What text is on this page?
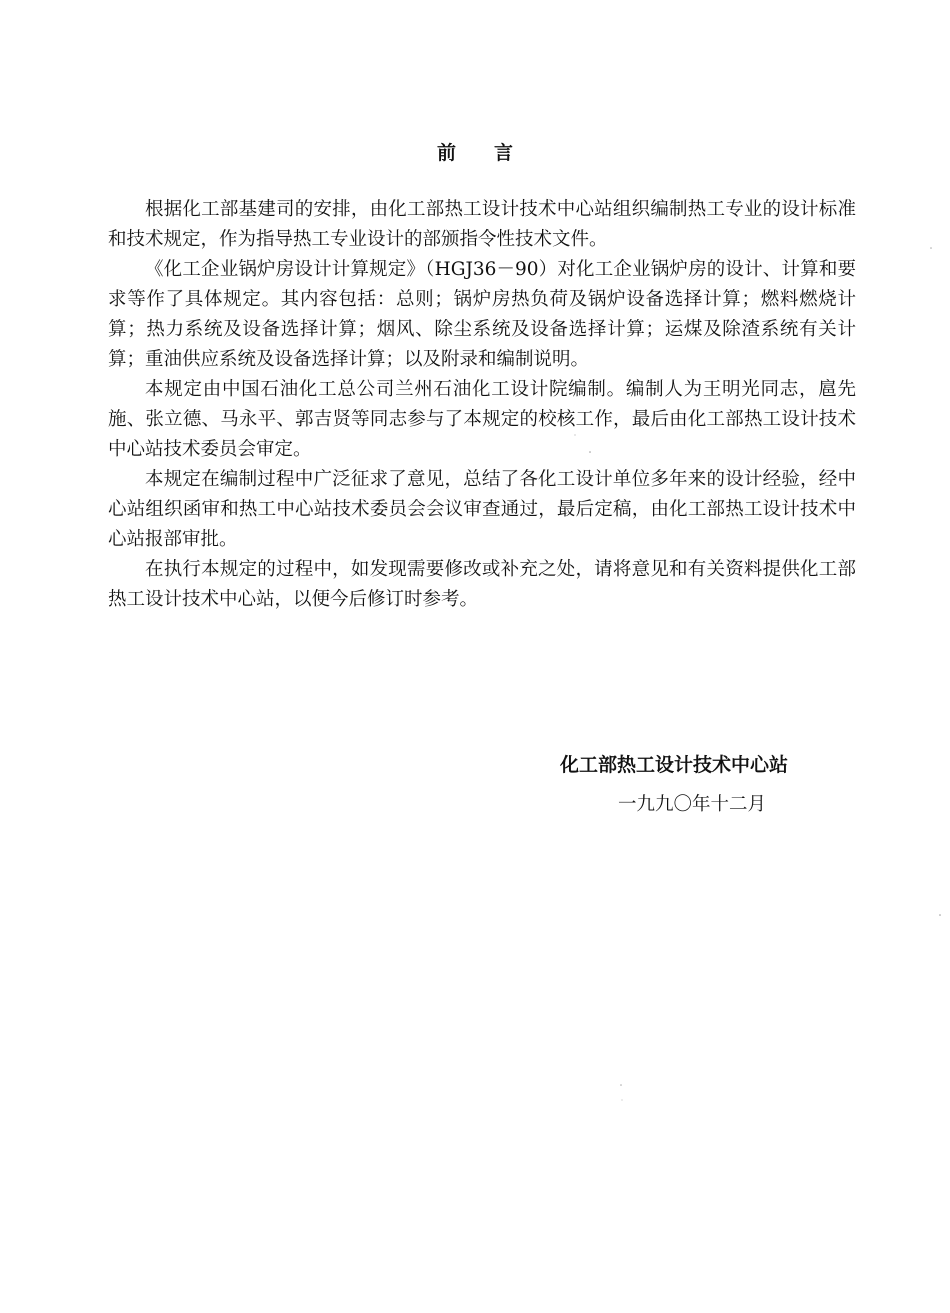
前言

根据化工部基建司的安排，由化工部热工设计技术中心站组织编制热工专业的设计标准和技术规定，作为指导热工专业设计的部颁指令性技术文件。

《化工企业锅炉房设计计算规定》（HGJ36－90）对化工企业锅炉房的设计、计算和要求等作了具体规定。其内容包括：总则；锅炉房热负荷及锅炉设备选择计算；燃料燃烧计算；热力系统及设备选择计算；烟风、除尘系统及设备选择计算；运煤及除渣系统有关计算；重油供应系统及设备选择计算；以及附录和编制说明。

本规定由中国石油化工总公司兰州石油化工设计院编制。编制人为王明光同志，扈先施、张立德、马永平、郭吉贤等同志参与了本规定的校核工作，最后由化工部热工设计技术中心站技术委员会审定。

本规定在编制过程中广泛征求了意见，总结了各化工设计单位多年来的设计经验，经中心站组织函审和热工中心站技术委员会会议审查通过，最后定稿，由化工部热工设计技术中心站报部审批。

在执行本规定的过程中，如发现需要修改或补充之处，请将意见和有关资料提供化工部热工设计技术中心站，以便今后修订时参考。

化工部热工设计技术中心站
一九九〇年十二月
